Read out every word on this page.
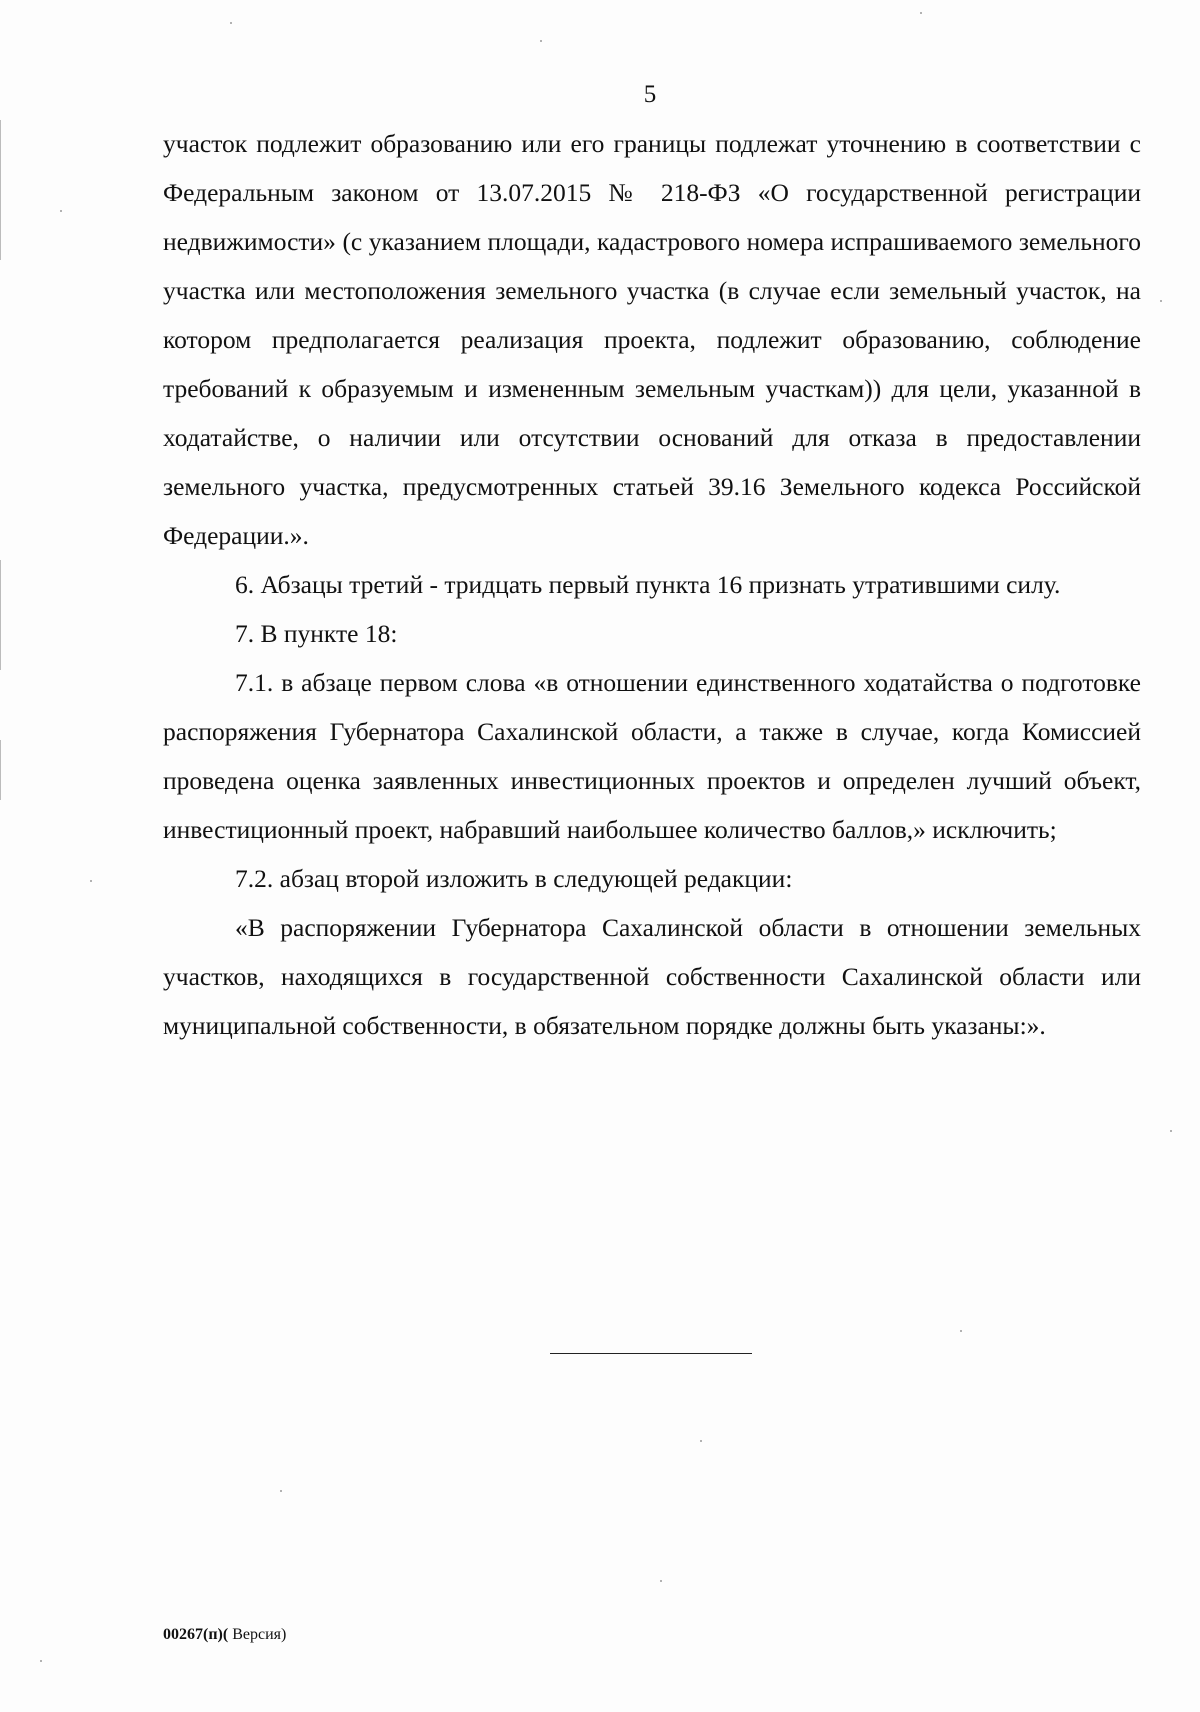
5

участок подлежит образованию или его границы подлежат уточнению в соответствии с Федеральным законом от 13.07.2015 № 218-ФЗ «О государственной регистрации недвижимости» (с указанием площади, кадастрового номера испрашиваемого земельного участка или местоположения земельного участка (в случае если земельный участок, на котором предполагается реализация проекта, подлежит образованию, соблюдение требований к образуемым и измененным земельным участкам)) для цели, указанной в ходатайстве, о наличии или отсутствии оснований для отказа в предоставлении земельного участка, предусмотренных статьей 39.16 Земельного кодекса Российской Федерации.».

6. Абзацы третий - тридцать первый пункта 16 признать утратившими силу.

7. В пункте 18:

7.1. в абзаце первом слова «в отношении единственного ходатайства о подготовке распоряжения Губернатора Сахалинской области, а также в случае, когда Комиссией проведена оценка заявленных инвестиционных проектов и определен лучший объект, инвестиционный проект, набравший наибольшее количество баллов,» исключить;

7.2. абзац второй изложить в следующей редакции:

«В распоряжении Губернатора Сахалинской области в отношении земельных участков, находящихся в государственной собственности Сахалинской области или муниципальной собственности, в обязательном порядке должны быть указаны:».

00267(п)( Версия)
